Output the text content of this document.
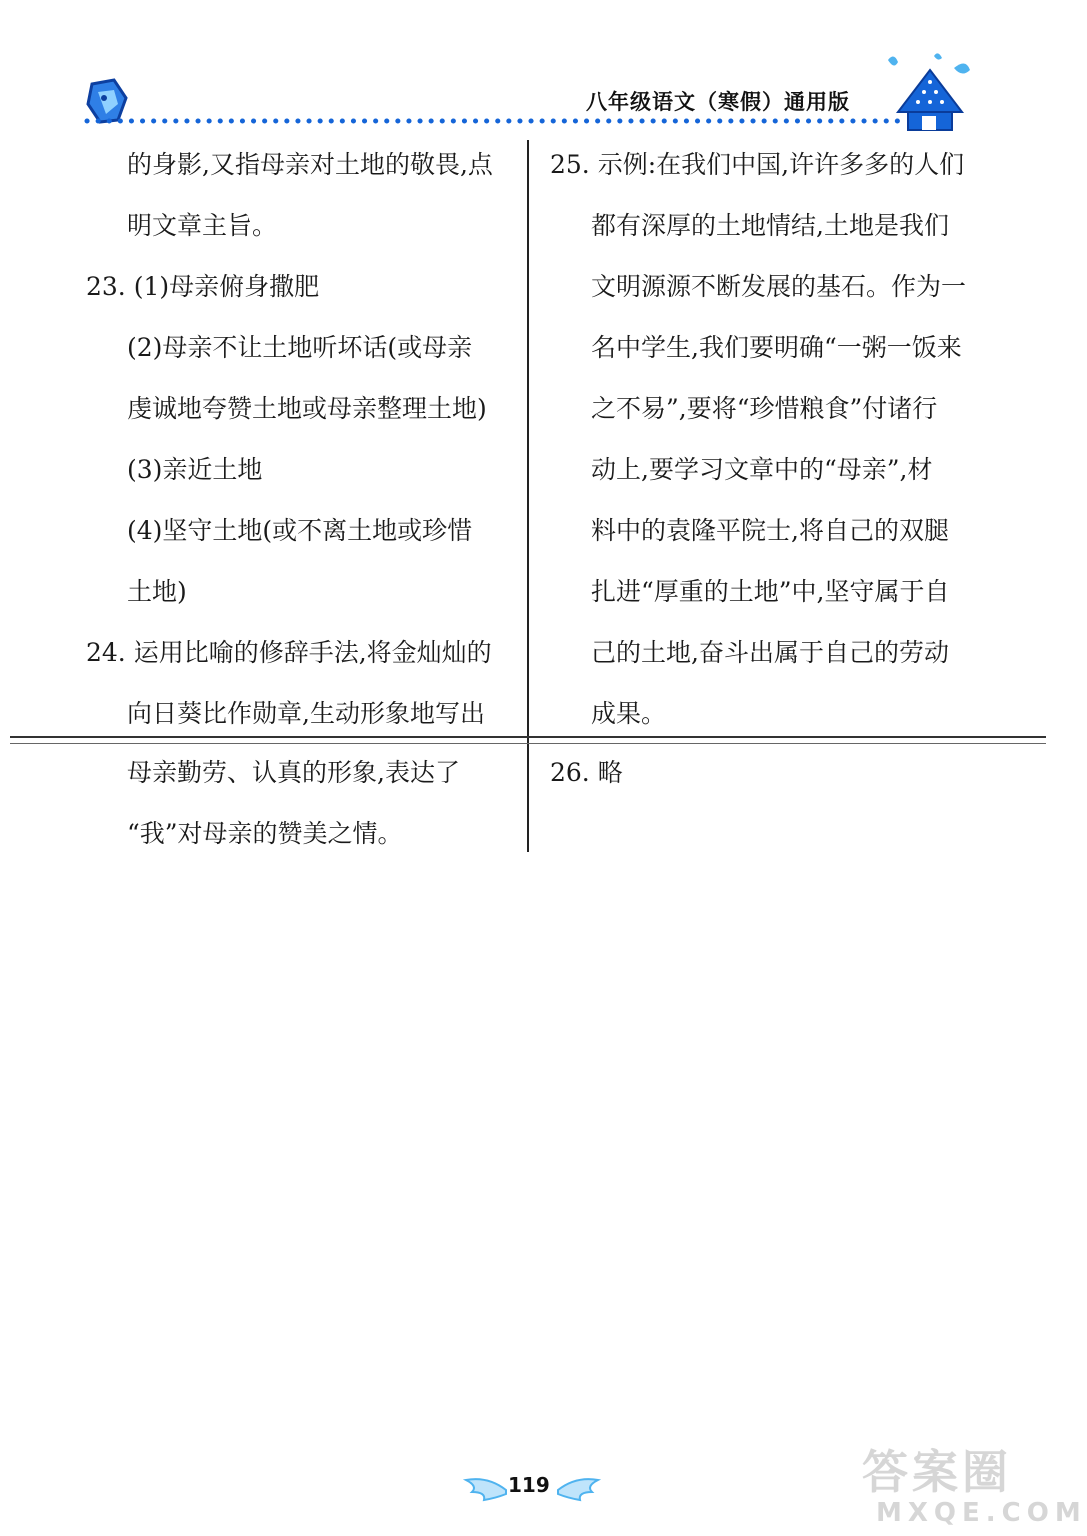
八年级语文（寒假）通用版
的身影,又指母亲对土地的敬畏,点
明文章主旨。
23. (1)母亲俯身撒肥
(2)母亲不让土地听坏话(或母亲
虔诚地夸赞土地或母亲整理土地)
(3)亲近土地
(4)坚守土地(或不离土地或珍惜
土地)
24. 运用比喻的修辞手法,将金灿灿的
向日葵比作勋章,生动形象地写出
25. 示例:在我们中国,许许多多的人们
都有深厚的土地情结,土地是我们
文明源源不断发展的基石。作为一
名中学生,我们要明确“一粥一饭来
之不易”,要将“珍惜粮食”付诸行
动上,要学习文章中的“母亲”,材
料中的袁隆平院士,将自己的双腿
扎进“厚重的土地”中,坚守属于自
己的土地,奋斗出属于自己的劳动
成果。
母亲勤劳、认真的形象,表达了
“我”对母亲的赞美之情。
26. 略
119	答案圈
MXQE.COM
